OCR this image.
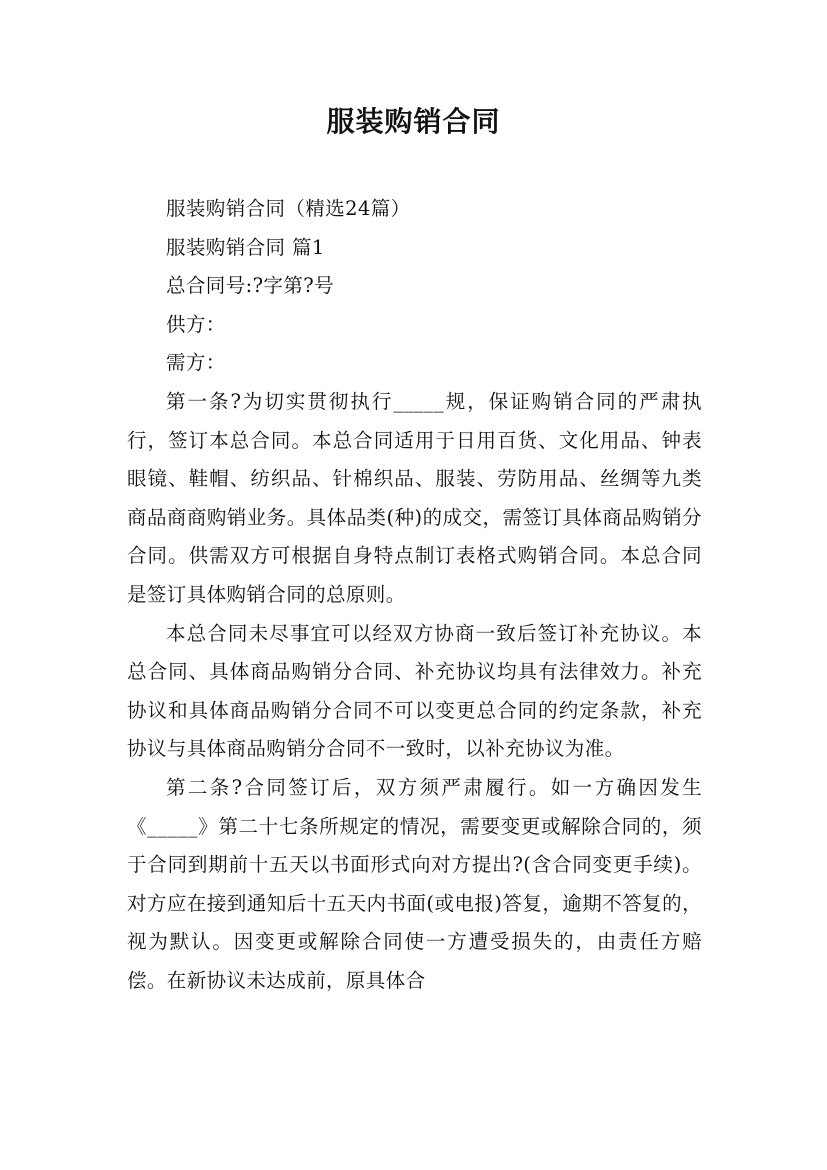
服装购销合同

服装购销合同（精选24篇）

服装购销合同 篇1

总合同号:?字第?号

供方：

需方：

第一条?为切实贯彻执行_____规，保证购销合同的严肃执行，签订本总合同。本总合同适用于日用百货、文化用品、钟表眼镜、鞋帽、纺织品、针棉织品、服装、劳防用品、丝绸等九类商品商商购销业务。具体品类(种)的成交，需签订具体商品购销分合同。供需双方可根据自身特点制订表格式购销合同。本总合同是签订具体购销合同的总原则。

本总合同未尽事宜可以经双方协商一致后签订补充协议。本总合同、具体商品购销分合同、补充协议均具有法律效力。补充协议和具体商品购销分合同不可以变更总合同的约定条款，补充协议与具体商品购销分合同不一致时，以补充协议为准。

第二条?合同签订后，双方须严肃履行。如一方确因发生《_____》第二十七条所规定的情况，需要变更或解除合同的，须于合同到期前十五天以书面形式向对方提出?(含合同变更手续)。对方应在接到通知后十五天内书面(或电报)答复，逾期不答复的，视为默认。因变更或解除合同使一方遭受损失的，由责任方赔偿。在新协议未达成前，原具体合
